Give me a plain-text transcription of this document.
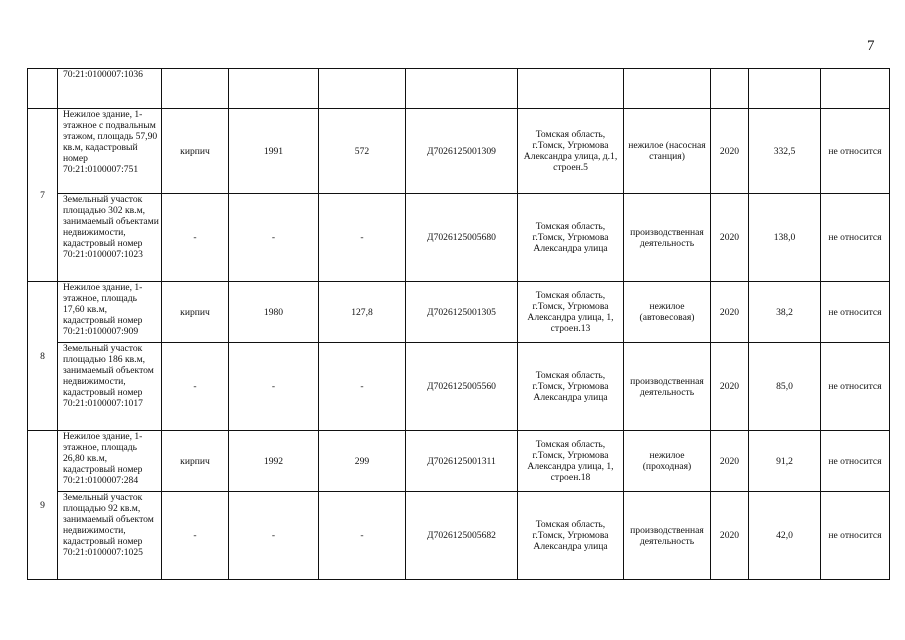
7
	70:21:0100007:1036									
7	Нежилое здание, 1-этажное с подвальным этажом, площадь 57,90 кв.м, кадастровый номер 70:21:0100007:751	кирпич	1991	572	Д7026125001309	Томская область, г.Томск, Угрюмова Александра улица, д.1, строен.5	нежилое (насосная станция)	2020	332,5	не относится
	Земельный участок площадью 302 кв.м, занимаемый объектами недвижимости, кадастровый номер 70:21:0100007:1023	-	-	-	Д7026125005680	Томская область, г.Томск, Угрюмова Александра улица	производственная деятельность	2020	138,0	не относится
8	Нежилое здание, 1-этажное, площадь 17,60 кв.м, кадастровый номер 70:21:0100007:909	кирпич	1980	127,8	Д7026125001305	Томская область, г.Томск, Угрюмова Александра улица, 1, строен.13	нежилое (автовесовая)	2020	38,2	не относится
	Земельный участок площадью 186 кв.м, занимаемый объектом недвижимости, кадастровый номер 70:21:0100007:1017	-	-	-	Д7026125005560	Томская область, г.Томск, Угрюмова Александра улица	производственная деятельность	2020	85,0	не относится
9	Нежилое здание, 1-этажное, площадь 26,80 кв.м, кадастровый номер 70:21:0100007:284	кирпич	1992	299	Д7026125001311	Томская область, г.Томск, Угрюмова Александра улица, 1, строен.18	нежилое (проходная)	2020	91,2	не относится
	Земельный участок площадью 92 кв.м, занимаемый объектом недвижимости, кадастровый номер 70:21:0100007:1025	-	-	-	Д7026125005682	Томская область, г.Томск, Угрюмова Александра улица	производственная деятельность	2020	42,0	не относится
